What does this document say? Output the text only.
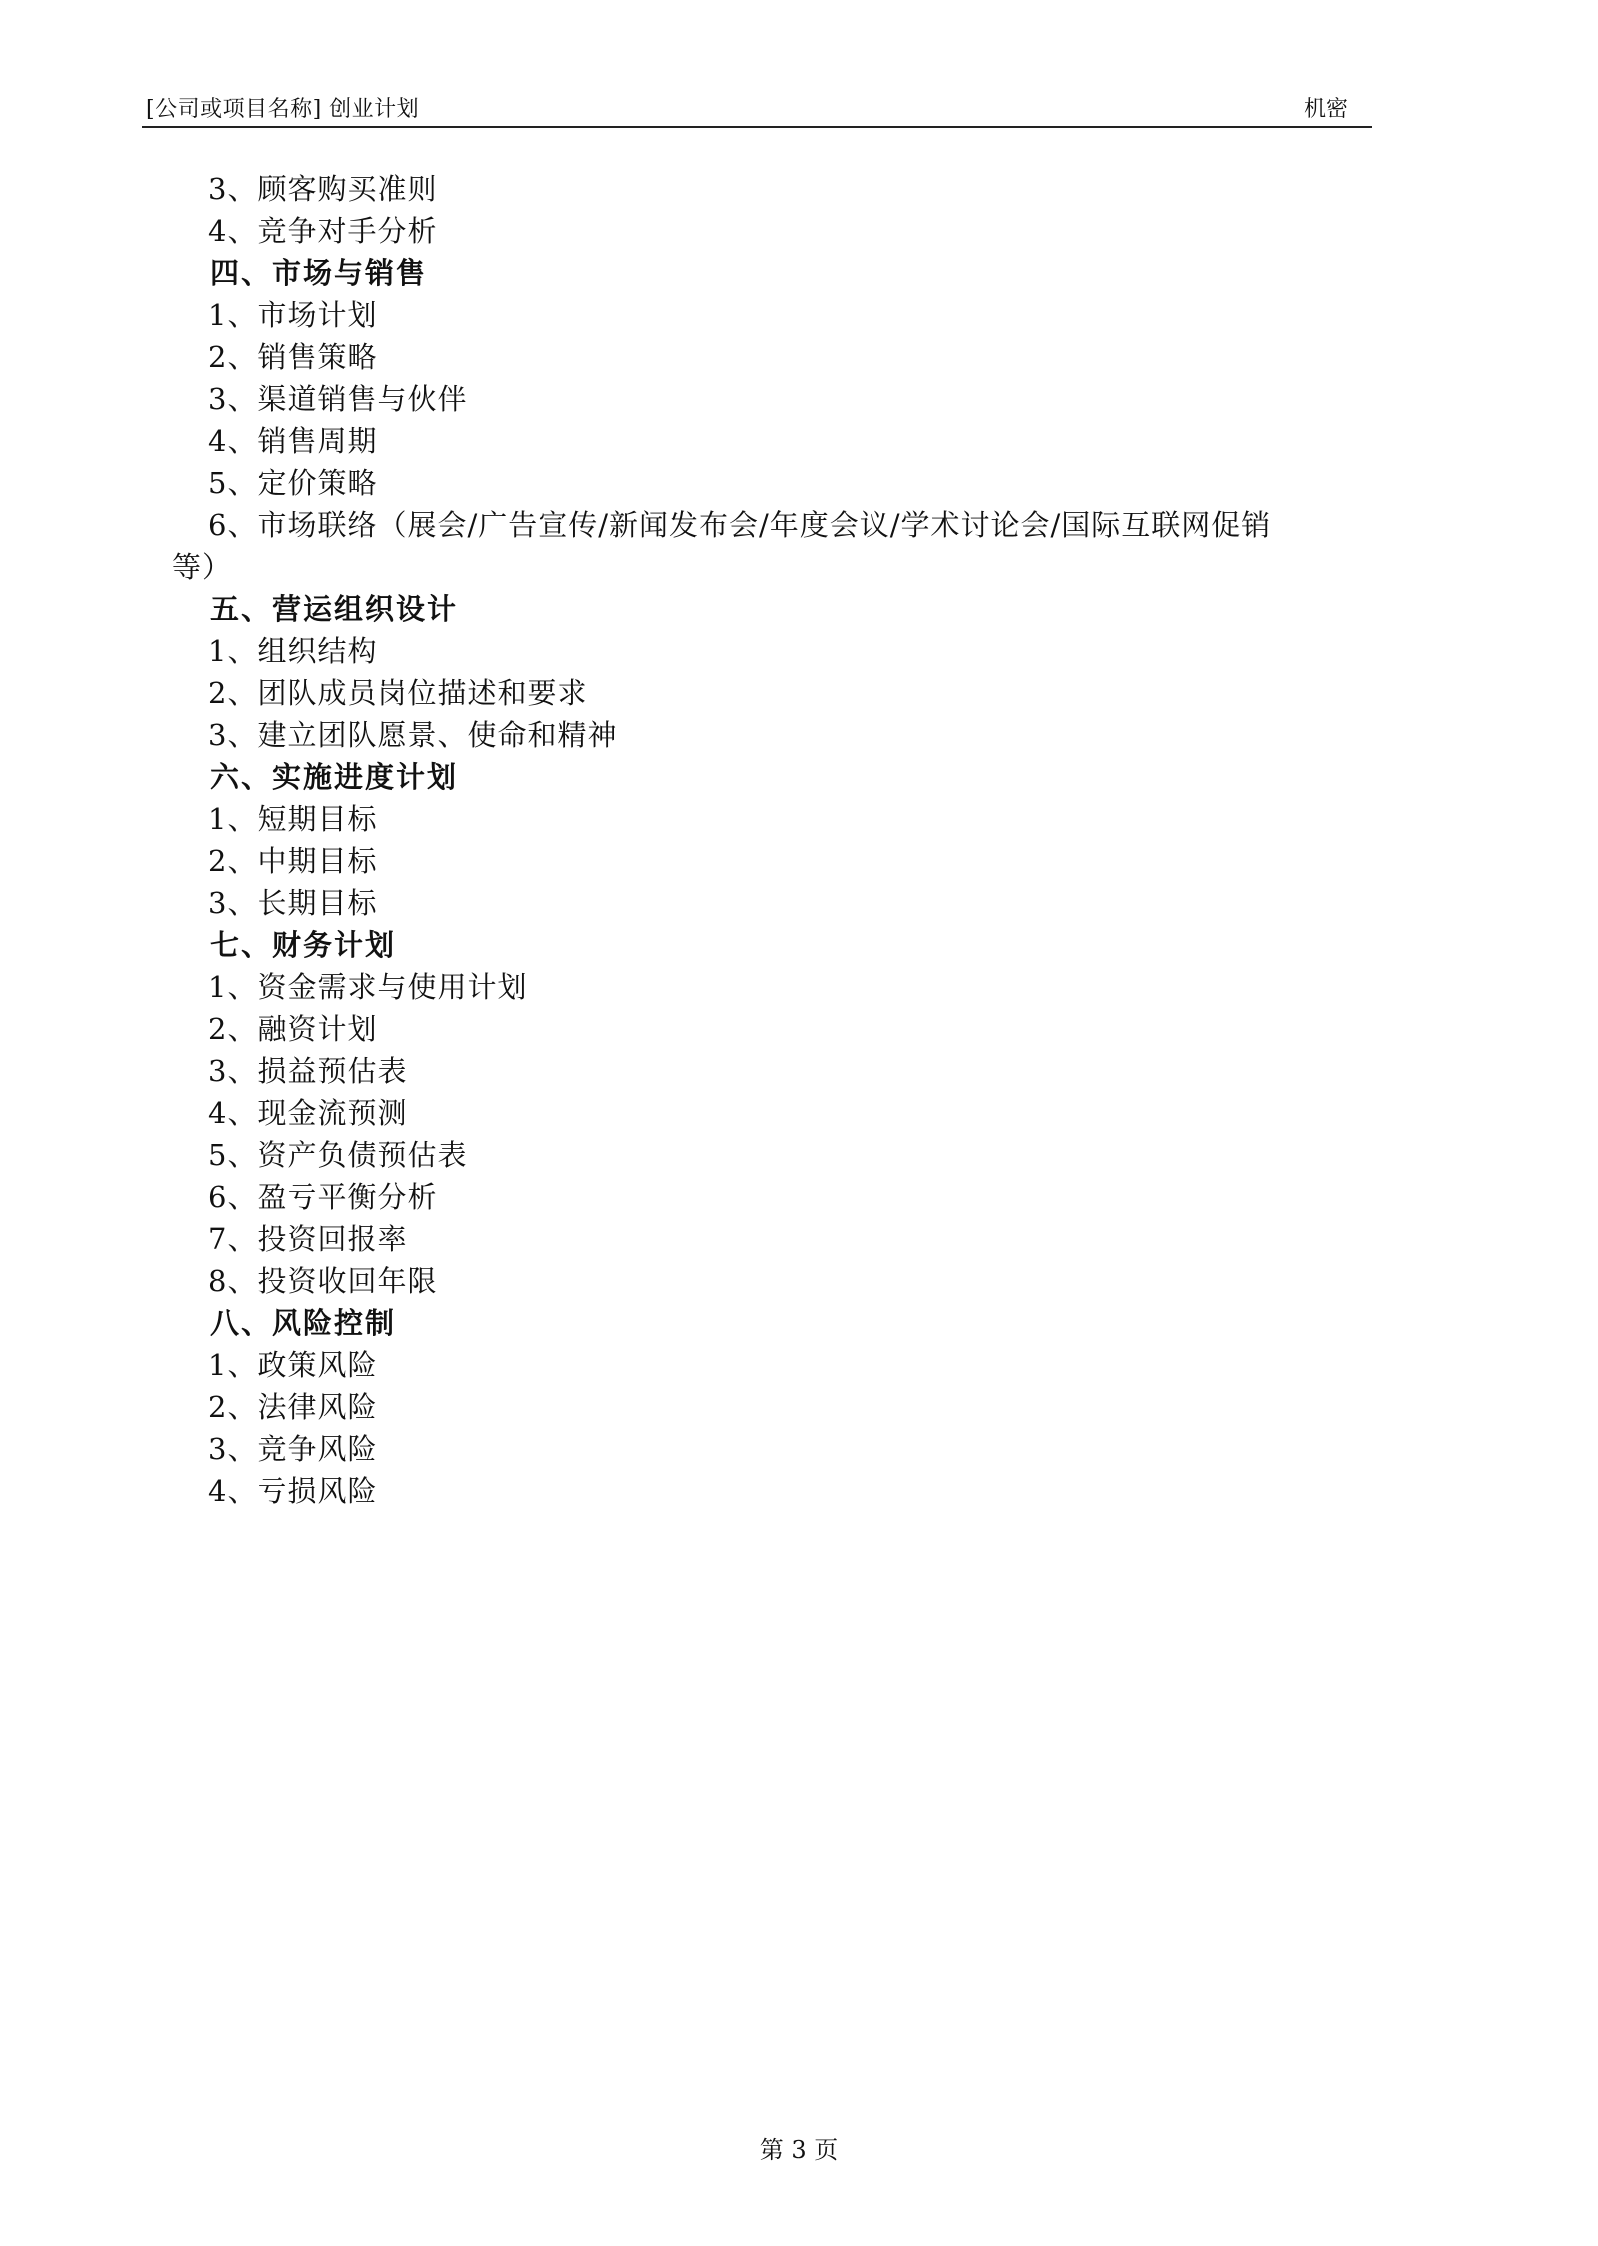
[公司或项目名称] 创业计划	机密
3、顾客购买准则
4、竞争对手分析
四、市场与销售
1、市场计划
2、销售策略
3、渠道销售与伙伴
4、销售周期
5、定价策略
6、市场联络（展会/广告宣传/新闻发布会/年度会议/学术讨论会/国际互联网促销
等）
五、营运组织设计
1、组织结构
2、团队成员岗位描述和要求
3、建立团队愿景、使命和精神
六、实施进度计划
1、短期目标
2、中期目标
3、长期目标
七、财务计划
1、资金需求与使用计划
2、融资计划
3、损益预估表
4、现金流预测
5、资产负债预估表
6、盈亏平衡分析
7、投资回报率
8、投资收回年限
八、风险控制
1、政策风险
2、法律风险
3、竞争风险
4、亏损风险
第 3 页
